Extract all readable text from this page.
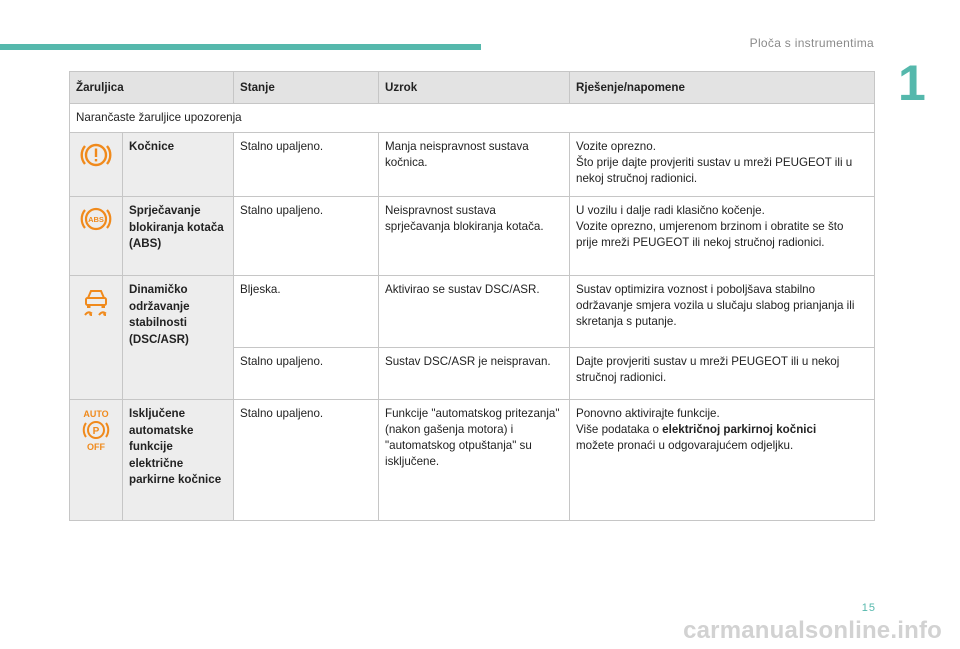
Ploča s instrumentima
1
Žaruljica		Stanje	Uzrok	Rješenje/napomene
Narančaste žaruljice upozorenja				

	Kočnice	Stalno upaljeno.	Manja neispravnost sustava kočnica.	Vozite oprezno.
Što prije dajte provjeriti sustav u mreži PEUGEOT ili u nekoj stručnoj radionici.

ABS	Sprječavanje blokiranja kotača (ABS)	Stalno upaljeno.	Neispravnost sustava sprječavanja blokiranja kotača.	U vozilu i dalje radi klasično kočenje.
Vozite oprezno, umjerenom brzinom i obratite se što prije mreži PEUGEOT ili nekoj stručnoj radionici.

	Dinamičko održavanje stabilnosti (DSC/ASR)	Bljeska.	Aktivirao se sustav DSC/ASR.	Sustav optimizira voznost i poboljšava stabilno održavanje smjera vozila u slučaju slabog prianjanja ili skretanja s putanje.
		Stalno upaljeno.	Sustav DSC/ASR je neispravan.	Dajte provjeriti sustav u mreži PEUGEOT ili u nekoj stručnoj radionici.

AUTO
P
OFF	Isključene automatske funkcije električne parkirne kočnice	Stalno upaljeno.	Funkcije "automatskog pritezanja" (nakon gašenja motora) i "automatskog otpuštanja" su isključene.	Ponovno aktivirajte funkcije.
Više podataka o električnoj parkirnoj kočnici
možete pronaći u odgovarajućem odjeljku.
15
carmanualsonline.info
